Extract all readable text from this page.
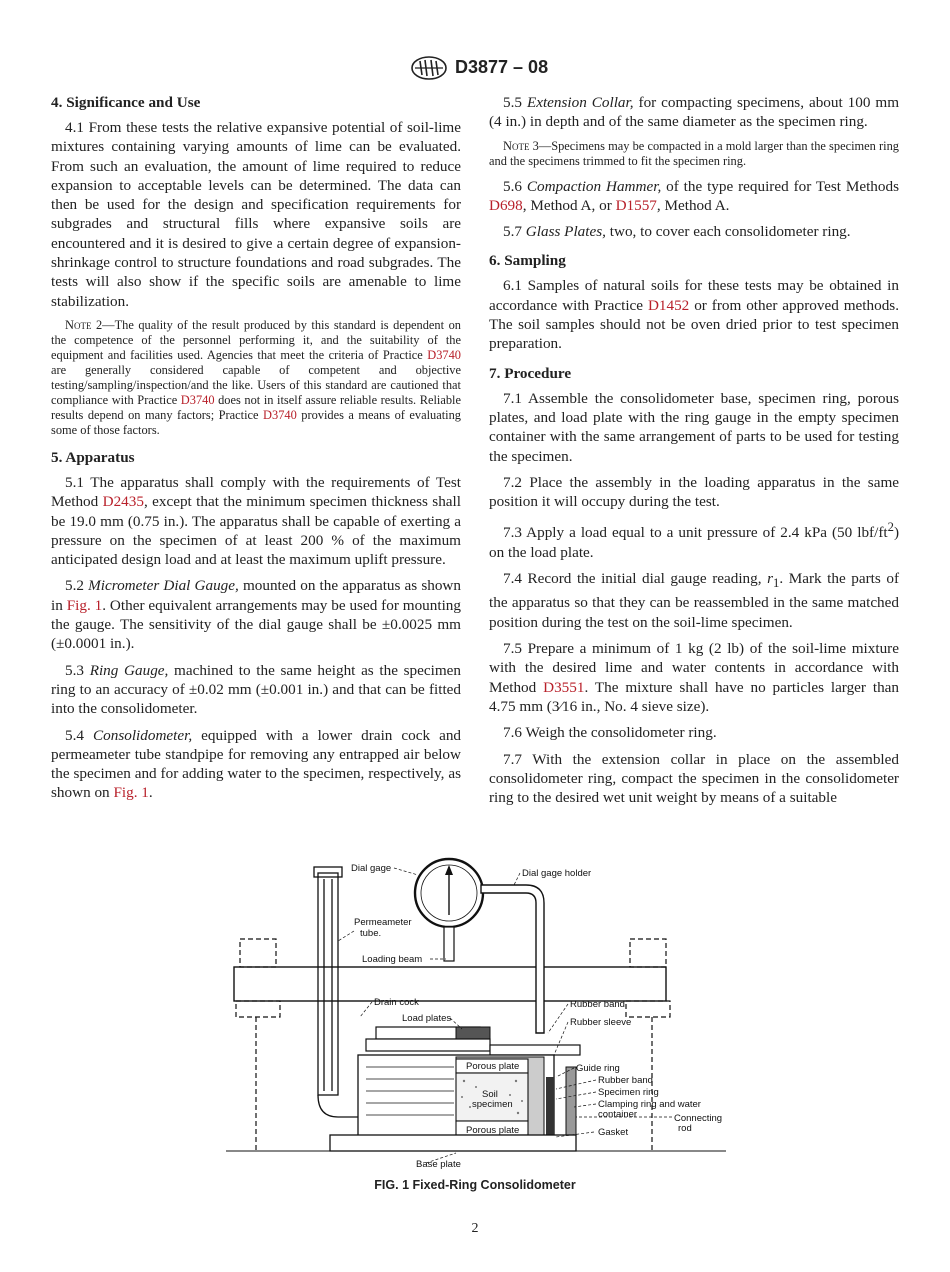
D3877 – 08
4. Significance and Use

4.1 From these tests the relative expansive potential of soil-lime mixtures containing varying amounts of lime can be evaluated. From such an evaluation, the amount of lime required to reduce expansion to acceptable levels can be determined. The data can then be used for the design and specification requirements for subgrades and structural fills where expansive soils are encountered and it is desired to give a certain degree of expansion-shrinkage control to structure foundations and road subgrades. The tests will also show if the specific soils are amenable to lime stabilization.

Note 2—The quality of the result produced by this standard is dependent on the competence of the personnel performing it, and the suitability of the equipment and facilities used. Agencies that meet the criteria of Practice D3740 are generally considered capable of competent and objective testing/sampling/inspection/and the like. Users of this standard are cautioned that compliance with Practice D3740 does not in itself assure reliable results. Reliable results depend on many factors; Practice D3740 provides a means of evaluating some of those factors.

5. Apparatus

5.1 The apparatus shall comply with the requirements of Test Method D2435, except that the minimum specimen thickness shall be 19.0 mm (0.75 in.). The apparatus shall be capable of exerting a pressure on the specimen of at least 200 % of the maximum anticipated design load and at least the maximum uplift pressure.

5.2 Micrometer Dial Gauge, mounted on the apparatus as shown in Fig. 1. Other equivalent arrangements may be used for mounting the gauge. The sensitivity of the dial gauge shall be ±0.0025 mm (±0.0001 in.).

5.3 Ring Gauge, machined to the same height as the specimen ring to an accuracy of ±0.02 mm (±0.001 in.) and that can be fitted into the consolidometer.

5.4 Consolidometer, equipped with a lower drain cock and permeameter tube standpipe for removing any entrapped air below the specimen and for adding water to the specimen, respectively, as shown on Fig. 1.

5.5 Extension Collar, for compacting specimens, about 100 mm (4 in.) in depth and of the same diameter as the specimen ring.

Note 3—Specimens may be compacted in a mold larger than the specimen ring and the specimens trimmed to fit the specimen ring.

5.6 Compaction Hammer, of the type required for Test Methods D698, Method A, or D1557, Method A.

5.7 Glass Plates, two, to cover each consolidometer ring.

6. Sampling

6.1 Samples of natural soils for these tests may be obtained in accordance with Practice D1452 or from other approved methods. The soil samples should not be oven dried prior to test specimen preparation.

7. Procedure

7.1 Assemble the consolidometer base, specimen ring, porous plates, and load plate with the ring gauge in the empty specimen container with the same arrangement of parts to be used for testing the specimen.

7.2 Place the assembly in the loading apparatus in the same position it will occupy during the test.

7.3 Apply a load equal to a unit pressure of 2.4 kPa (50 lbf/$ft^2$) on the load plate.

7.4 Record the initial dial gauge reading, $r_1$. Mark the parts of the apparatus so that they can be reassembled in the same matched position during the test on the soil-lime specimen.

7.5 Prepare a minimum of 1 kg (2 lb) of the soil-lime mixture with the desired lime and water contents in accordance with Method D3551. The mixture shall have no particles larger than 4.75 mm (3⁄16 in., No. 4 sieve size).

7.6 Weigh the consolidometer ring.

7.7 With the extension collar in place on the assembled consolidometer ring, compact the specimen in the consolidometer ring to the desired wet unit weight by means of a suitable

Dial gage	Dial gage holder
Permeameter
tube.
Loading beam
Drain cock
Load plates
Rubber band
Rubber sleeve
Porous plate	Guide ring
Rubber band
Specimen ring
Soil
specimen	Clamping ring and water
container	Connecting
rod
Porous plate	Gasket
Base plate
FIG. 1 Fixed-Ring Consolidometer
2
